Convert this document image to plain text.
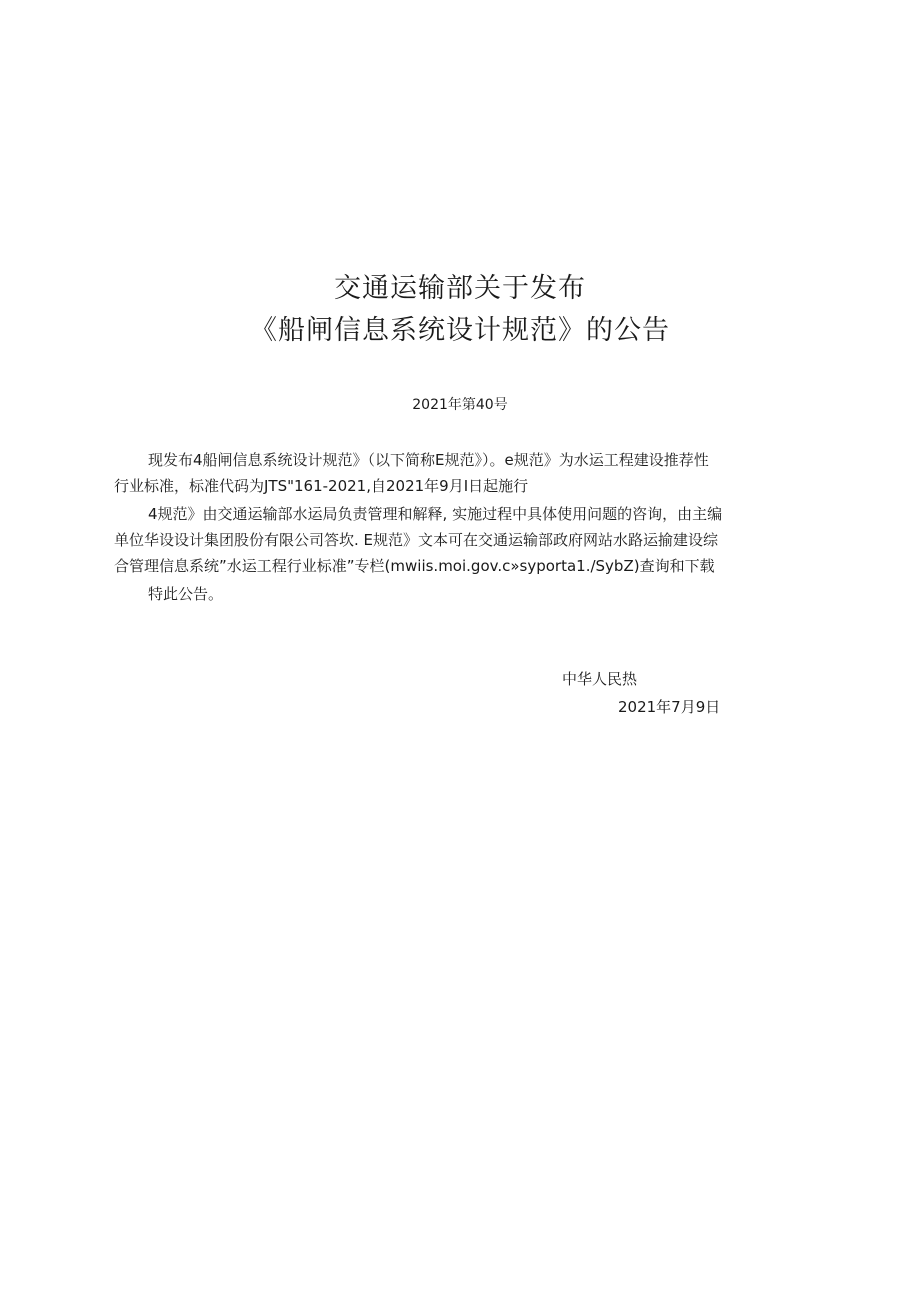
交通运输部关于发布
《船闸信息系统设计规范》的公告
2021年第40号
现发布4船闸信息系统设计规范》（以下简称E规范》）。e规范》为水运工程建设推荐性
行业标准，标准代码为JTS"161-2021,自2021年9月I日起施行
4规范》由交通运输部水运局负责管理和解释, 实施过程中具体使用问题的咨询，由主编
单位华设设计集团股份有限公司答坎. E规范》文本可在交通运输部政府网站水路运揄建设综
合管理信息系统”水运工程行业标准”专栏(mwiis.moi.gov.c»syporta1./SybZ)查询和下载
特此公告。
中华人民热
2021年7月9日
